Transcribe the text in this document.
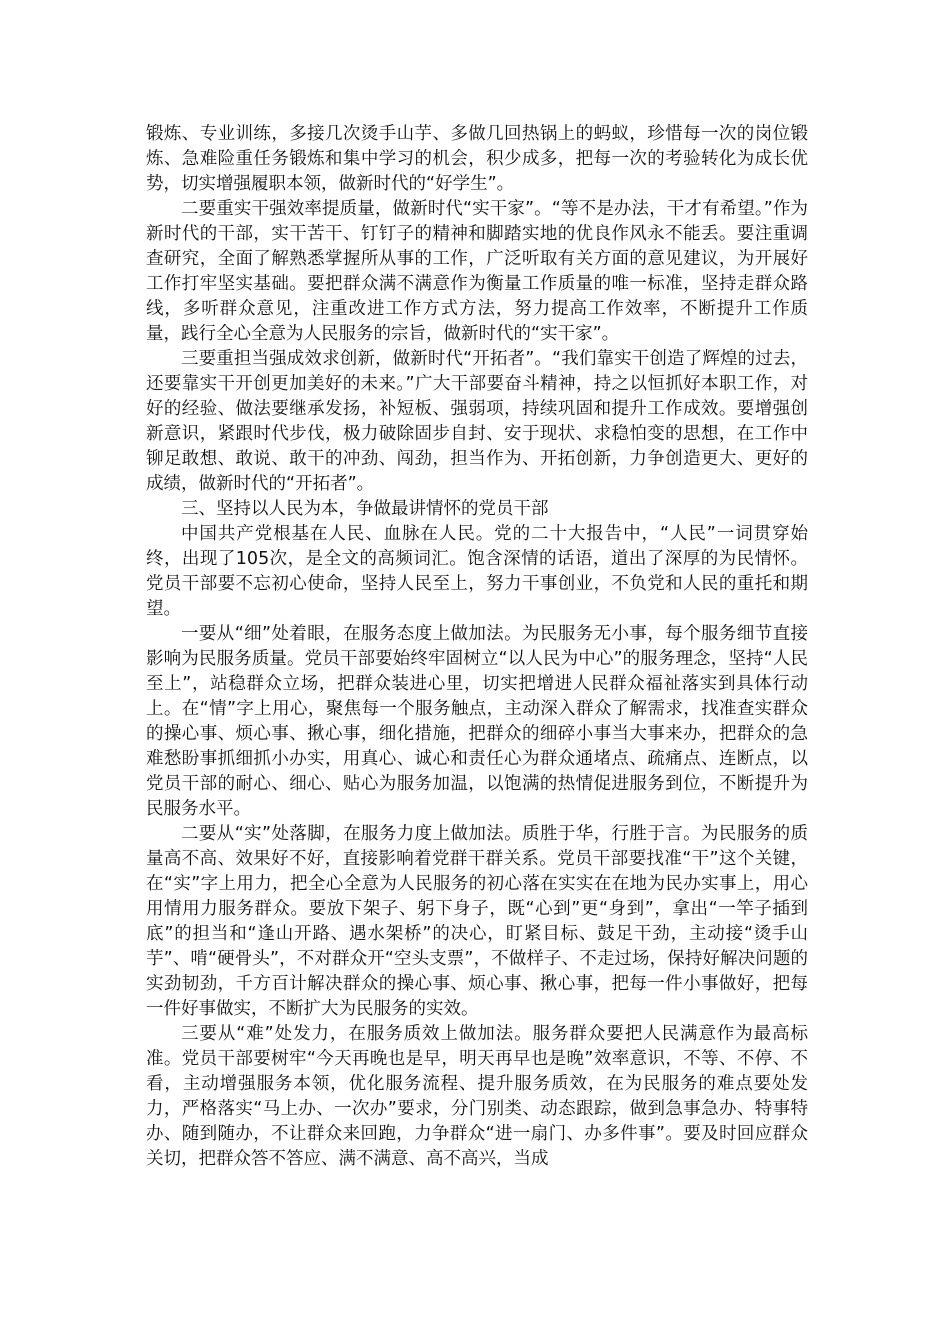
锻炼、专业训练，多接几次烫手山芋、多做几回热锅上的蚂蚁，珍惜每一次的岗位锻炼、急难险重任务锻炼和集中学习的机会，积少成多，把每一次的考验转化为成长优势，切实增强履职本领，做新时代的“好学生”。

二要重实干强效率提质量，做新时代“实干家”。“等不是办法，干才有希望。”作为新时代的干部，实干苦干、钉钉子的精神和脚踏实地的优良作风永不能丢。要注重调查研究，全面了解熟悉掌握所从事的工作，广泛听取有关方面的意见建议，为开展好工作打牢坚实基础。要把群众满不满意作为衡量工作质量的唯一标准，坚持走群众路线，多听群众意见，注重改进工作方式方法，努力提高工作效率，不断提升工作质量，践行全心全意为人民服务的宗旨，做新时代的“实干家”。

三要重担当强成效求创新，做新时代“开拓者”。“我们靠实干创造了辉煌的过去，还要靠实干开创更加美好的未来。”广大干部要奋斗精神，持之以恒抓好本职工作，对好的经验、做法要继承发扬，补短板、强弱项，持续巩固和提升工作成效。要增强创新意识，紧跟时代步伐，极力破除固步自封、安于现状、求稳怕变的思想，在工作中铆足敢想、敢说、敢干的冲劲、闯劲，担当作为、开拓创新，力争创造更大、更好的成绩，做新时代的“开拓者”。

三、坚持以人民为本，争做最讲情怀的党员干部

中国共产党根基在人民、血脉在人民。党的二十大报告中，“人民”一词贯穿始终，出现了105次，是全文的高频词汇。饱含深情的话语，道出了深厚的为民情怀。党员干部要不忘初心使命，坚持人民至上，努力干事创业，不负党和人民的重托和期望。

一要从“细”处着眼，在服务态度上做加法。为民服务无小事，每个服务细节直接影响为民服务质量。党员干部要始终牢固树立“以人民为中心”的服务理念，坚持“人民至上”，站稳群众立场，把群众装进心里，切实把增进人民群众福祉落实到具体行动上。在“情”字上用心，聚焦每一个服务触点，主动深入群众了解需求，找准查实群众的操心事、烦心事、揪心事，细化措施，把群众的细碎小事当大事来办，把群众的急难愁盼事抓细抓小办实，用真心、诚心和责任心为群众通堵点、疏痛点、连断点，以党员干部的耐心、细心、贴心为服务加温，以饱满的热情促进服务到位，不断提升为民服务水平。

二要从“实”处落脚，在服务力度上做加法。质胜于华，行胜于言。为民服务的质量高不高、效果好不好，直接影响着党群干群关系。党员干部要找准“干”这个关键，在“实”字上用力，把全心全意为人民服务的初心落在实实在在地为民办实事上，用心用情用力服务群众。要放下架子、躬下身子，既“心到”更“身到”，拿出“一竿子插到底”的担当和“逢山开路、遇水架桥”的决心，盯紧目标、鼓足干劲，主动接“烫手山芋”、啃“硬骨头”，不对群众开“空头支票”，不做样子、不走过场，保持好解决问题的实劲韧劲，千方百计解决群众的操心事、烦心事、揪心事，把每一件小事做好，把每一件好事做实，不断扩大为民服务的实效。

三要从“难”处发力，在服务质效上做加法。服务群众要把人民满意作为最高标准。党员干部要树牢“今天再晚也是早，明天再早也是晚”效率意识，不等、不停、不看，主动增强服务本领，优化服务流程、提升服务质效，在为民服务的难点要处发力，严格落实“马上办、一次办”要求，分门别类、动态跟踪，做到急事急办、特事特办、随到随办，不让群众来回跑，力争群众“进一扇门、办多件事”。要及时回应群众关切，把群众答不答应、满不满意、高不高兴，当成
